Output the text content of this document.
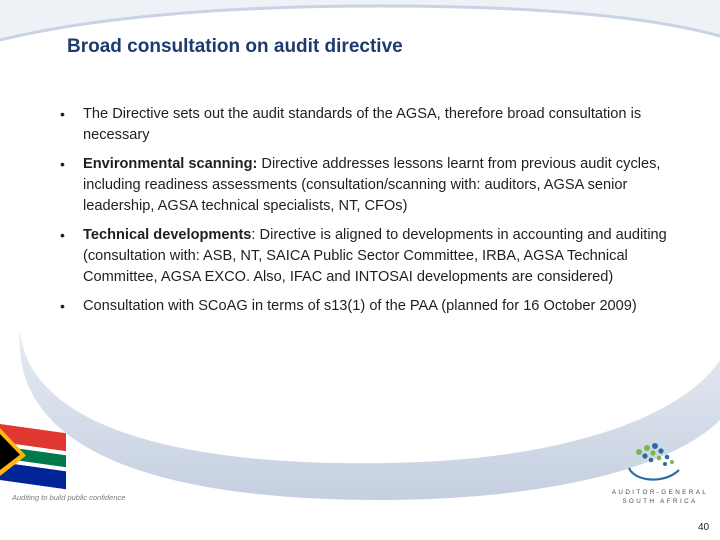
Broad consultation on audit directive
• The Directive sets out the audit standards of the AGSA, therefore broad consultation is necessary
• Environmental scanning: Directive addresses lessons learnt from previous audit cycles, including readiness assessments (consultation/scanning with: auditors, AGSA senior leadership, AGSA technical specialists, NT, CFOs)
• Technical developments: Directive is aligned to developments in accounting and auditing (consultation with: ASB, NT, SAICA Public Sector Committee, IRBA, AGSA Technical Committee, AGSA EXCO. Also, IFAC and INTOSAI developments are considered)
• Consultation with SCoAG in terms of s13(1) of the PAA (planned for 16 October 2009)
Auditing to build public confidence
AUDITOR-GENERAL
SOUTH AFRICA
40
